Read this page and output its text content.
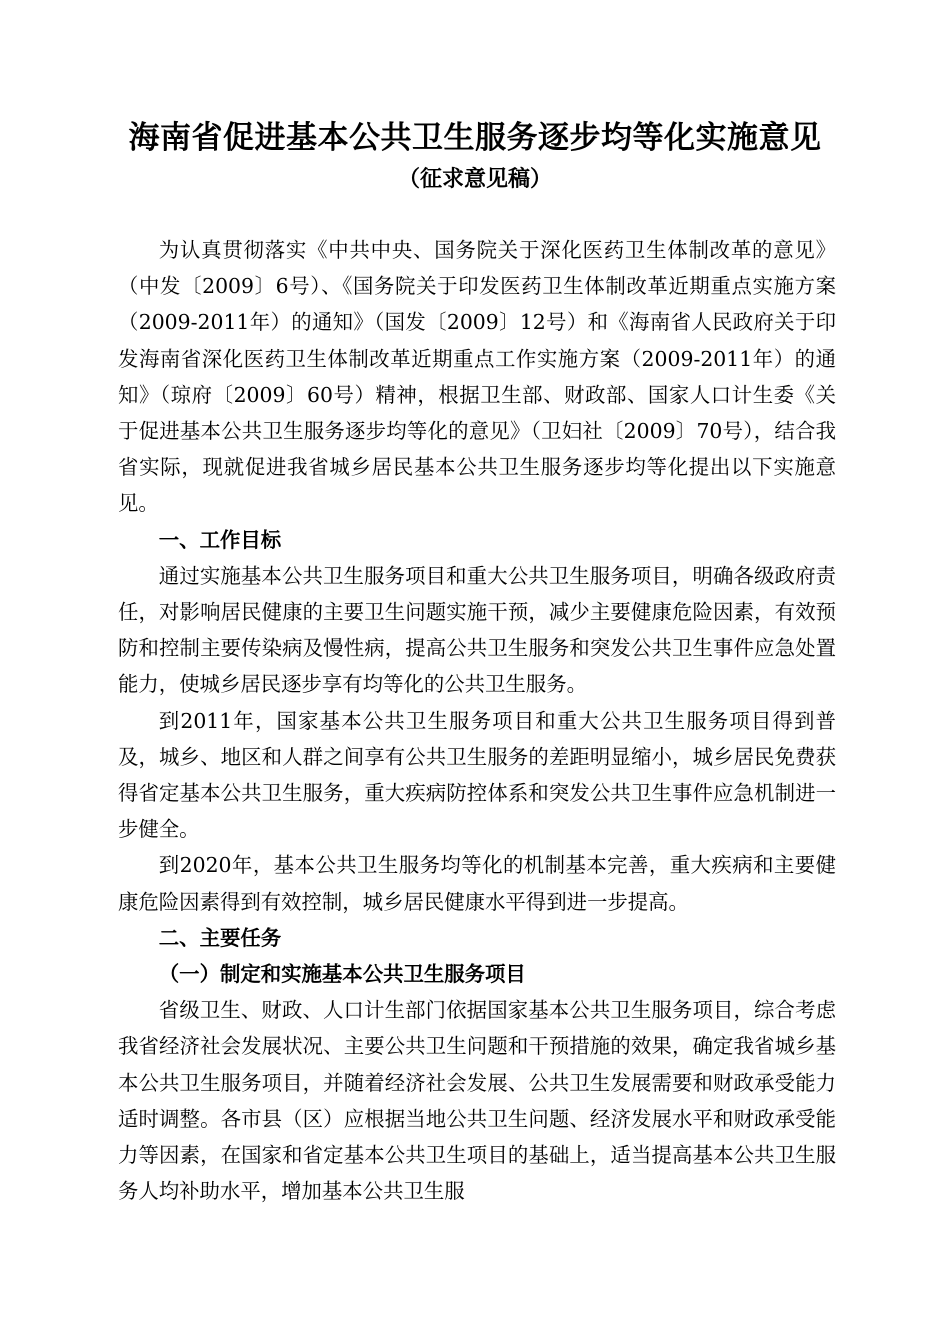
海南省促进基本公共卫生服务逐步均等化实施意见
（征求意见稿）

为认真贯彻落实《中共中央、国务院关于深化医药卫生体制改革的意见》（中发〔2009〕6号）、《国务院关于印发医药卫生体制改革近期重点实施方案（2009-2011年）的通知》（国发〔2009〕12号）和《海南省人民政府关于印发海南省深化医药卫生体制改革近期重点工作实施方案（2009-2011年）的通知》（琼府〔2009〕60号）精神，根据卫生部、财政部、国家人口计生委《关于促进基本公共卫生服务逐步均等化的意见》（卫妇社〔2009〕70号），结合我省实际，现就促进我省城乡居民基本公共卫生服务逐步均等化提出以下实施意见。

一、工作目标

通过实施基本公共卫生服务项目和重大公共卫生服务项目，明确各级政府责任，对影响居民健康的主要卫生问题实施干预，减少主要健康危险因素，有效预防和控制主要传染病及慢性病，提高公共卫生服务和突发公共卫生事件应急处置能力，使城乡居民逐步享有均等化的公共卫生服务。

到2011年，国家基本公共卫生服务项目和重大公共卫生服务项目得到普及，城乡、地区和人群之间享有公共卫生服务的差距明显缩小，城乡居民免费获得省定基本公共卫生服务，重大疾病防控体系和突发公共卫生事件应急机制进一步健全。

到2020年，基本公共卫生服务均等化的机制基本完善，重大疾病和主要健康危险因素得到有效控制，城乡居民健康水平得到进一步提高。

二、主要任务
（一）制定和实施基本公共卫生服务项目

省级卫生、财政、人口计生部门依据国家基本公共卫生服务项目，综合考虑我省经济社会发展状况、主要公共卫生问题和干预措施的效果，确定我省城乡基本公共卫生服务项目，并随着经济社会发展、公共卫生发展需要和财政承受能力适时调整。各市县（区）应根据当地公共卫生问题、经济发展水平和财政承受能力等因素，在国家和省定基本公共卫生项目的基础上，适当提高基本公共卫生服务人均补助水平，增加基本公共卫生服
